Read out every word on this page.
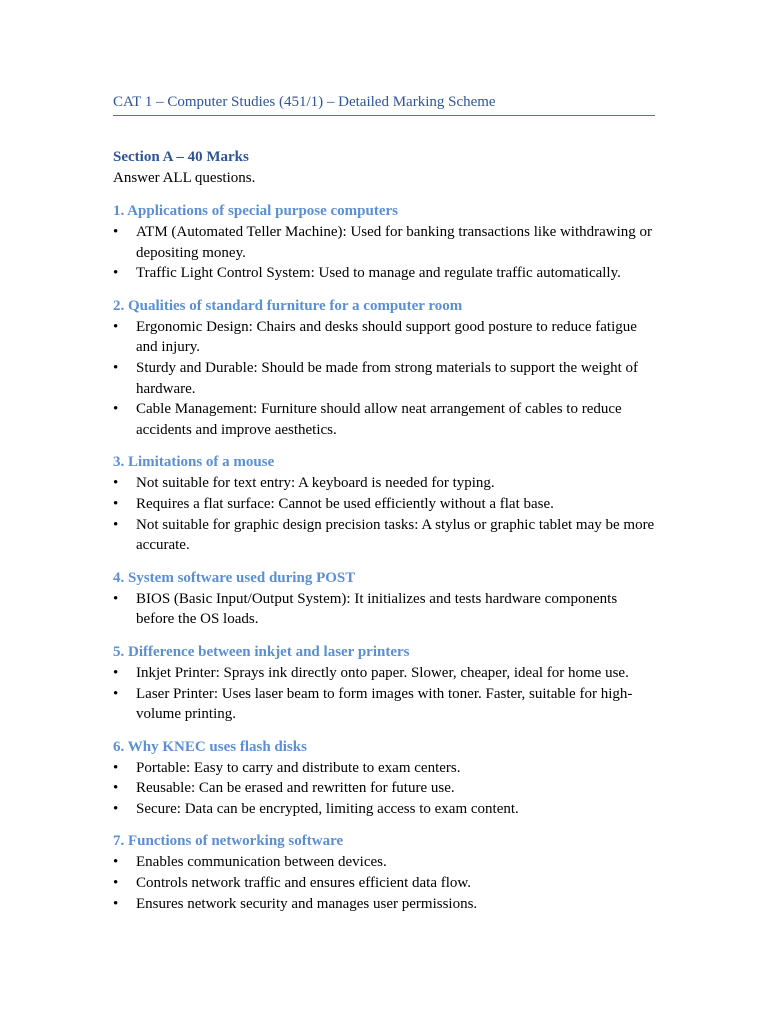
CAT 1 – Computer Studies (451/1) – Detailed Marking Scheme

Section A – 40 Marks

Answer ALL questions.

1. Applications of special purpose computers

•	ATM (Automated Teller Machine): Used for banking transactions like withdrawing or depositing money.
•	Traffic Light Control System: Used to manage and regulate traffic automatically.

2. Qualities of standard furniture for a computer room

•	Ergonomic Design: Chairs and desks should support good posture to reduce fatigue and injury.
•	Sturdy and Durable: Should be made from strong materials to support the weight of hardware.
•	Cable Management: Furniture should allow neat arrangement of cables to reduce accidents and improve aesthetics.

3. Limitations of a mouse

•	Not suitable for text entry: A keyboard is needed for typing.
•	Requires a flat surface: Cannot be used efficiently without a flat base.
•	Not suitable for graphic design precision tasks: A stylus or graphic tablet may be more accurate.

4. System software used during POST

•	BIOS (Basic Input/Output System): It initializes and tests hardware components before the OS loads.

5. Difference between inkjet and laser printers

•	Inkjet Printer: Sprays ink directly onto paper. Slower, cheaper, ideal for home use.
•	Laser Printer: Uses laser beam to form images with toner. Faster, suitable for high-volume printing.

6. Why KNEC uses flash disks

•	Portable: Easy to carry and distribute to exam centers.
•	Reusable: Can be erased and rewritten for future use.
•	Secure: Data can be encrypted, limiting access to exam content.

7. Functions of networking software

•	Enables communication between devices.
•	Controls network traffic and ensures efficient data flow.
•	Ensures network security and manages user permissions.
